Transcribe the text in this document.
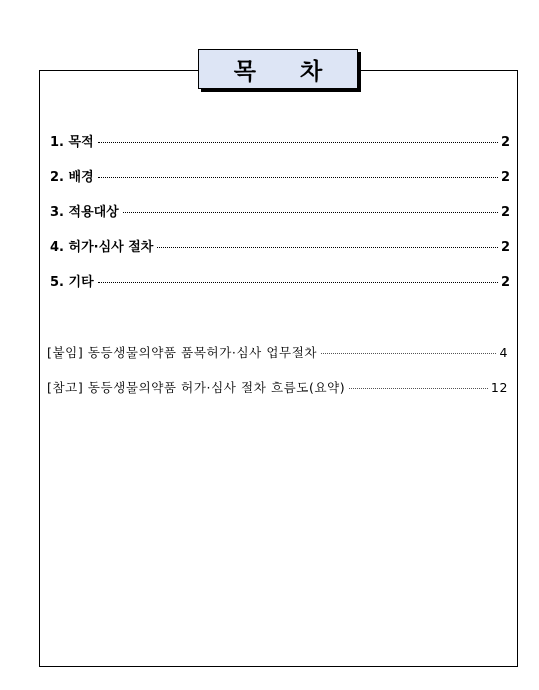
목 차
1. 목적	2
2. 배경	2
3. 적용대상	2
4. 허가·심사 절차	2
5. 기타	2
[붙임] 동등생물의약품 품목허가·심사 업무절차	4
[참고] 동등생물의약품 허가·심사 절차 흐름도(요약)	12
